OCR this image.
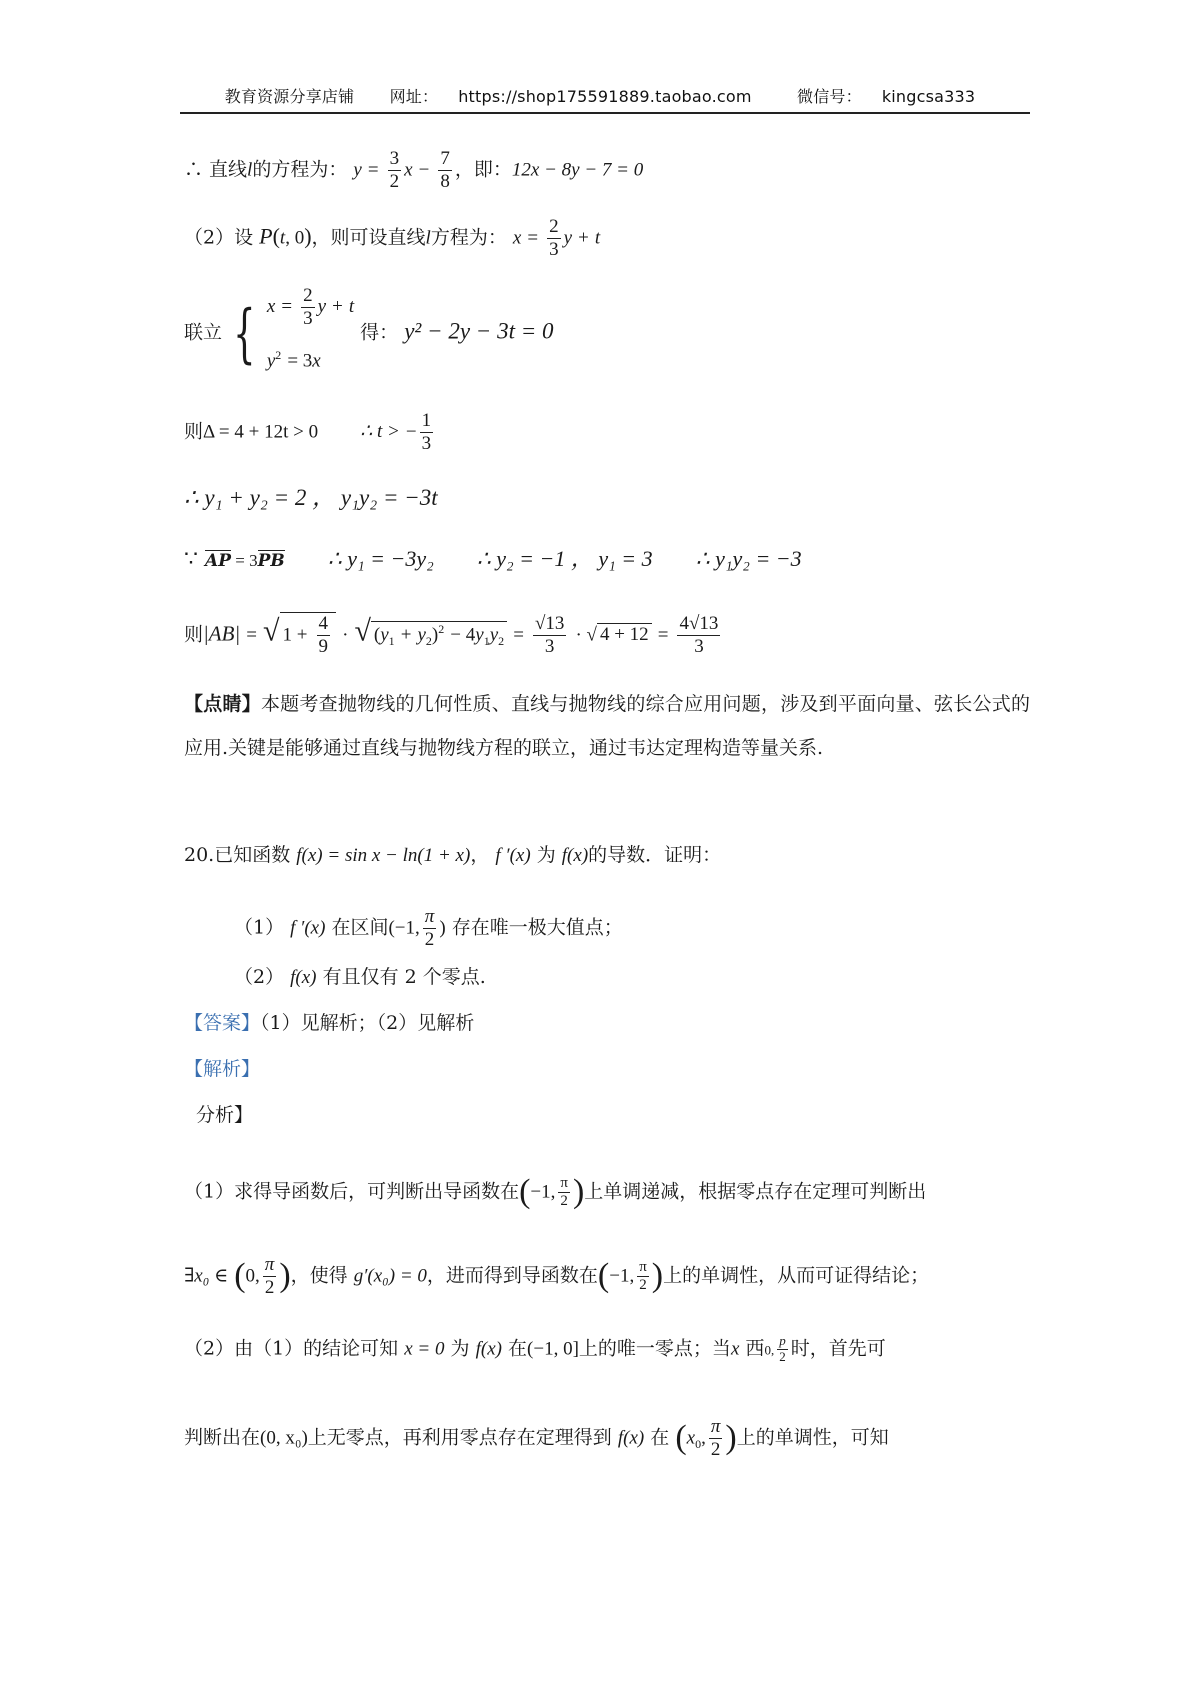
教育资源分享店铺 网址： https://shop175591889.taobao.com	微信号： kingcsa333
∴ 直线l的方程为： $y = \frac{3}{2}$ $x - \frac{7}{8}$ ，即：12x − 8y − 7 = 0
（2）设 P(t, 0)，则可设直线l方程为： $x = \frac{2}{3}$ y + t
联立 { $x = \frac{2}{3}$ y + t
$y^2 = 3x$
得： y² − 2y − 3t = 0
则Δ = 4 + 12t > 0 ∴ t > − $\frac{1}{3}$
∴ y₁ + y₂ = 2 ， y₁y₂ = −3t
∵ AP = 3PB ∴ y₁ = −3y₂ ∴ y₂ = −1 ， y₁ = 3 ∴ y₁y₂ = −3
则|AB| = √ $1 + \frac{4}{9}$ · √ $(y_1 + y_2)^2 - 4y_1y_2 = \frac{√13}{3}$ · √ $4 + 12 = \frac{4√13}{3}$
【点睛】本题考查抛物线的几何性质、直线与抛物线的综合应用问题，涉及到平面向量、弦长公式的应用.关键是能够通过直线与抛物线方程的联立，通过韦达定理构造等量关系.
20.已知函数 f(x) = sin x − ln(1 + x)， f ′(x) 为 f(x)的导数．证明：
（1） f ′(x) 在区间(−1, $\frac{\pi}{2}$ ) 存在唯一极大值点；
（2） f(x) 有且仅有 2 个零点.
【答案】（1）见解析；（2）见解析
【解析】
分析】
（1）求得导函数后，可判断出导函数在(−1, $\frac{\pi}{2}$ )上单调递减，根据零点存在定理可判断出
∃x₀ ∈ (0, $\frac{\pi}{2}$ )，使得 g′(x₀) = 0，进而得到导函数在(−1, $\frac{\pi}{2}$ )上的单调性，从而可证得结论；
（2）由（1）的结论可知 x = 0 为 f(x) 在(−1, 0]上的唯一零点；当x 西0, $\frac{p}{2}$ 时，首先可
判断出在(0, x₀)上无零点，再利用零点存在定理得到 f(x) 在 ($x_0$, $\frac{\pi}{2}$ )上的单调性，可知
